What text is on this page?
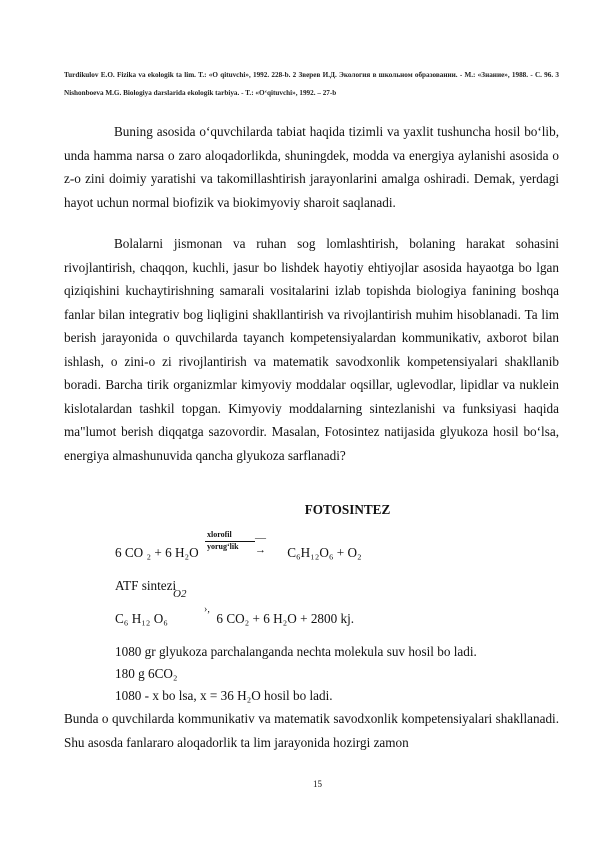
Turdikulov E.O. Fizika va ekologik ta lim. T.: «O qituvchi», 1992. 228-b. 2 Зверев И.Д. Экология в школьном образовании. - М.: «Знание», 1988. - С. 96. 3 Nishonboeva M.G. Biologiya darslarida ekologik tarbiya. - T.: «O‘qituvchi», 1992. – 27-b

Buning asosida o‘quvchilarda tabiat haqida tizimli va yaxlit tushuncha hosil bo‘lib, unda hamma narsa o zaro aloqadorlikda, shuningdek, modda va energiya aylanishi asosida o z-o zini doimiy yaratishi va takomillashtirish jarayonlarini amalga oshiradi. Demak, yerdagi hayot uchun normal biofizik va biokimyoviy sharoit saqlanadi.

Bolalarni jismonan va ruhan sog lomlashtirish, bolaning harakat sohasini rivojlantirish, chaqqon, kuchli, jasur bo lishdek hayotiy ehtiyojlar asosida hayaotga bo lgan qiziqishini kuchaytirishning samarali vositalarini izlab topishda biologiya fanining boshqa fanlar bilan integrativ bog liqligini shakllantirish va rivojlantirish muhim hisoblanadi. Ta lim berish jarayonida o quvchilarda tayanch kompetensiyalardan kommunikativ, axborot bilan ishlash, o zini-o zi rivojlantirish va matematik savodxonlik kompetensiyalari shakllanib boradi. Barcha tirik organizmlar kimyoviy moddalar oqsillar, uglevodlar, lipidlar va nuklein kislotalardan tashkil topgan. Kimyoviy moddalarning sintezlanishi va funksiyasi haqida ma"lumot berish diqqatga sazovordir. Masalan, Fotosintez natijasida glyukoza hosil bo‘lsa, energiya almashunuvida qancha glyukoza sarflanadi?

FOTOSINTEZ
6 CO ₂ + 6 H₂O	C₆H₁₂O₆ + O₂
xlorofil
yorug‘lik
— →
ATF sintezi
O2
›,
C₆ H₁₂ O₆	6 CO₂ + 6 H₂O + 2800 kj.
1080 gr glyukoza parchalanganda nechta molekula suv hosil bo ladi.
180 g 6CO₂
1080 - x bo lsa, x = 36 H₂O hosil bo ladi.

Bunda o quvchilarda kommunikativ va matematik savodxonlik kompetensiyalari shakllanadi. Shu asosda fanlararo aloqadorlik ta lim jarayonida hozirgi zamon

15
